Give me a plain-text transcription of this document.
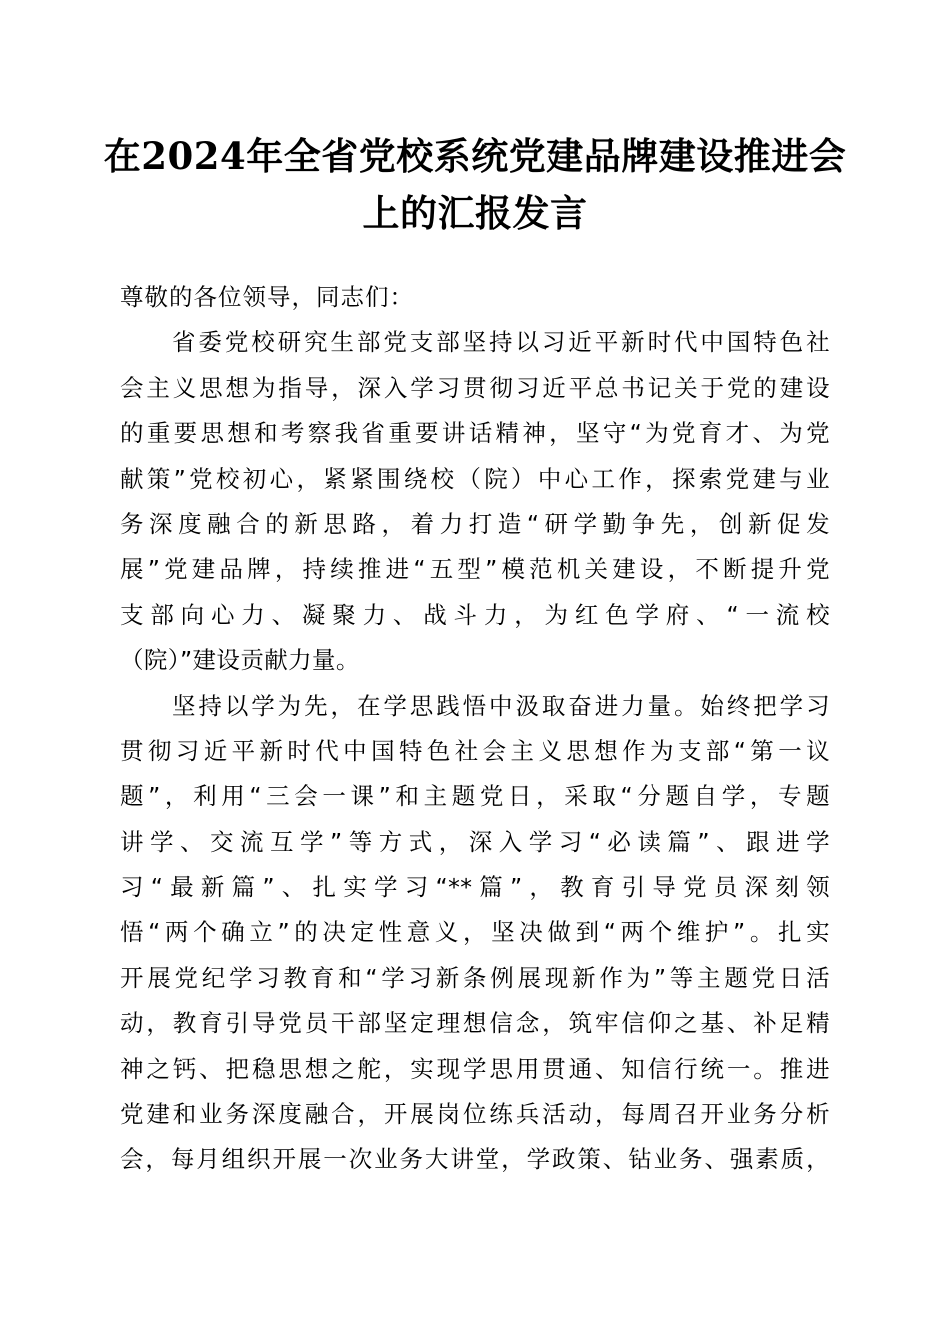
在2024年全省党校系统党建品牌建设推进会
上的汇报发言
尊敬的各位领导，同志们：
省委党校研究生部党支部坚持以习近平新时代中国特色社
会主义思想为指导，深入学习贯彻习近平总书记关于党的建设
的重要思想和考察我省重要讲话精神，坚守“为党育才、为党
献策”党校初心，紧紧围绕校（院）中心工作，探索党建与业
务深度融合的新思路，着力打造“研学勤争先，创新促发
展”党建品牌，持续推进“五型”模范机关建设，不断提升党
支部向心力、凝聚力、战斗力，为红色学府、“一流校
（院）”建设贡献力量。
坚持以学为先，在学思践悟中汲取奋进力量。始终把学习
贯彻习近平新时代中国特色社会主义思想作为支部“第一议
题”，利用“三会一课”和主题党日，采取“分题自学，专题
讲学、交流互学”等方式，深入学习“必读篇”、跟进学
习“最新篇”、扎实学习“**篇”，教育引导党员深刻领
悟“两个确立”的决定性意义，坚决做到“两个维护”。扎实
开展党纪学习教育和“学习新条例展现新作为”等主题党日活
动，教育引导党员干部坚定理想信念，筑牢信仰之基、补足精
神之钙、把稳思想之舵，实现学思用贯通、知信行统一。推进
党建和业务深度融合，开展岗位练兵活动，每周召开业务分析
会，每月组织开展一次业务大讲堂，学政策、钻业务、强素质，
